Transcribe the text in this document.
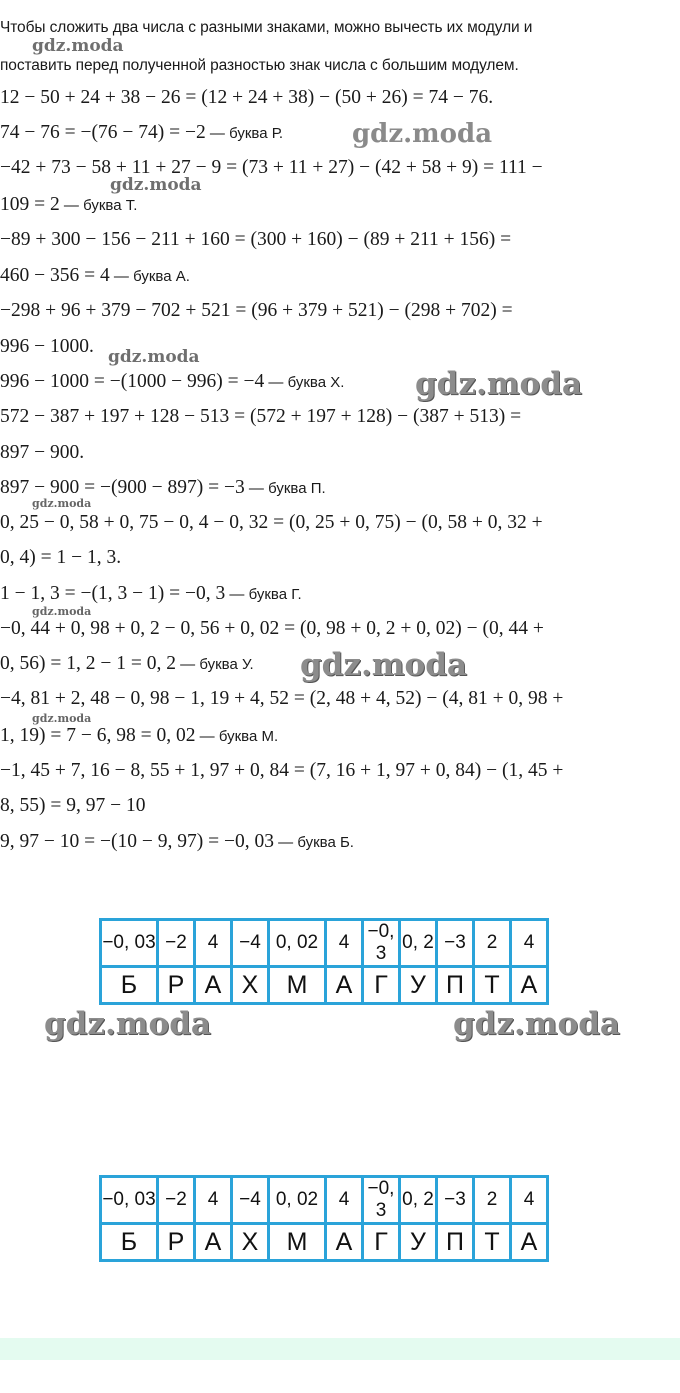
Чтобы сложить два числа с разными знаками, можно вычесть их модули и
поставить перед полученной разностью знак числа с большим модулем.
12 − 50 + 24 + 38 − 26 = (12 + 24 + 38) − (50 + 26) = 74 − 76.
74 − 76 = −(76 − 74) = −2 — буква Р.
−42 + 73 − 58 + 11 + 27 − 9 = (73 + 11 + 27) − (42 + 58 + 9) = 111 −
109 = 2 — буква Т.
−89 + 300 − 156 − 211 + 160 = (300 + 160) − (89 + 211 + 156) =
460 − 356 = 4 — буква А.
−298 + 96 + 379 − 702 + 521 = (96 + 379 + 521) − (298 + 702) =
996 − 1000.
996 − 1000 = −(1000 − 996) = −4 — буква Х.
572 − 387 + 197 + 128 − 513 = (572 + 197 + 128) − (387 + 513) =
897 − 900.
897 − 900 = −(900 − 897) = −3 — буква П.
0, 25 − 0, 58 + 0, 75 − 0, 4 − 0, 32 = (0, 25 + 0, 75) − (0, 58 + 0, 32 +
0, 4) = 1 − 1, 3.
1 − 1, 3 = −(1, 3 − 1) = −0, 3 — буква Г.
−0, 44 + 0, 98 + 0, 2 − 0, 56 + 0, 02 = (0, 98 + 0, 2 + 0, 02) − (0, 44 +
0, 56) = 1, 2 − 1 = 0, 2 — буква У.
−4, 81 + 2, 48 − 0, 98 − 1, 19 + 4, 52 = (2, 48 + 4, 52) − (4, 81 + 0, 98 +
1, 19) = 7 − 6, 98 = 0, 02 — буква М.
−1, 45 + 7, 16 − 8, 55 + 1, 97 + 0, 84 = (7, 16 + 1, 97 + 0, 84) − (1, 45 +
8, 55) = 9, 97 − 10
9, 97 − 10 = −(10 − 9, 97) = −0, 03 — буква Б.
−0, 03	−2	4	−4	0, 02	4	−0, 3	0, 2	−3	2	4
Б	Р	А	Х	М	А	Г	У	П	Т	А
−0, 03	−2	4	−4	0, 02	4	−0, 3	0, 2	−3	2	4
Б	Р	А	Х	М	А	Г	У	П	Т	А
gdz.moda
gdz.moda
gdz.moda
gdz.moda
gdz.moda
gdz.moda
gdz.moda
gdz.moda
gdz.moda
gdz.moda	gdz.moda
